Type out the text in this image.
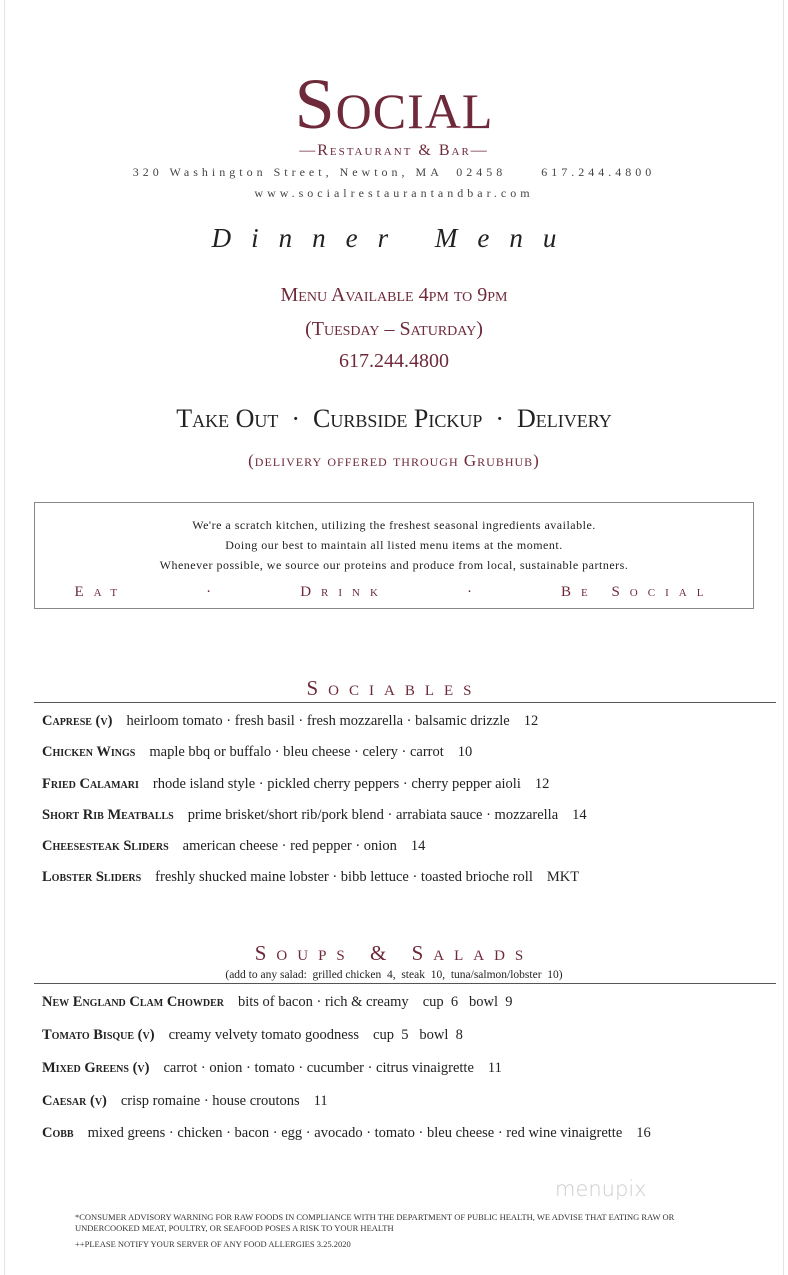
Social
—Restaurant & Bar—
320 Washington Street, Newton, MA  02458     617.244.4800
www.socialrestaurantandbar.com
Dinner Menu
Menu Available 4pm to 9pm
(Tuesday – Saturday)
617.244.4800
Take Out  ·  Curbside Pickup  ·  Delivery
(delivery offered through Grubhub)

We're a scratch kitchen, utilizing the freshest seasonal ingredients available.

Doing our best to maintain all listed menu items at the moment.

Whenever possible, we source our proteins and produce from local, sustainable partners.

Eat	·	Drink	·	Be Social
Sociables
Caprese (v) heirloom tomato · fresh basil · fresh mozzarella · balsamic drizzle 12
Chicken Wings maple bbq or buffalo · bleu cheese · celery · carrot 10
Fried Calamari rhode island style · pickled cherry peppers · cherry pepper aioli 12
Short Rib Meatballs prime brisket/short rib/pork blend · arrabiata sauce · mozzarella 14
Cheesesteak Sliders american cheese · red pepper · onion 14
Lobster Sliders freshly shucked maine lobster · bibb lettuce · toasted brioche roll MKT
Soups & Salads
(add to any salad:  grilled chicken  4,  steak  10,  tuna/salmon/lobster  10)
New England Clam Chowder bits of bacon · rich & creamy cup  6   bowl  9
Tomato Bisque (v) creamy velvety tomato goodness cup  5   bowl  8
Mixed Greens (v) carrot · onion · tomato · cucumber · citrus vinaigrette 11
Caesar (v) crisp romaine · house croutons 11
Cobb mixed greens · chicken · bacon · egg · avocado · tomato · bleu cheese · red wine vinaigrette 16
menupix

*CONSUMER ADVISORY WARNING FOR RAW FOODS IN COMPLIANCE WITH THE DEPARTMENT OF PUBLIC HEALTH, WE ADVISE THAT EATING RAW OR UNDERCOOKED MEAT, POULTRY, OR SEAFOOD POSES A RISK TO YOUR HEALTH

++PLEASE NOTIFY YOUR SERVER OF ANY FOOD ALLERGIES 3.25.2020
